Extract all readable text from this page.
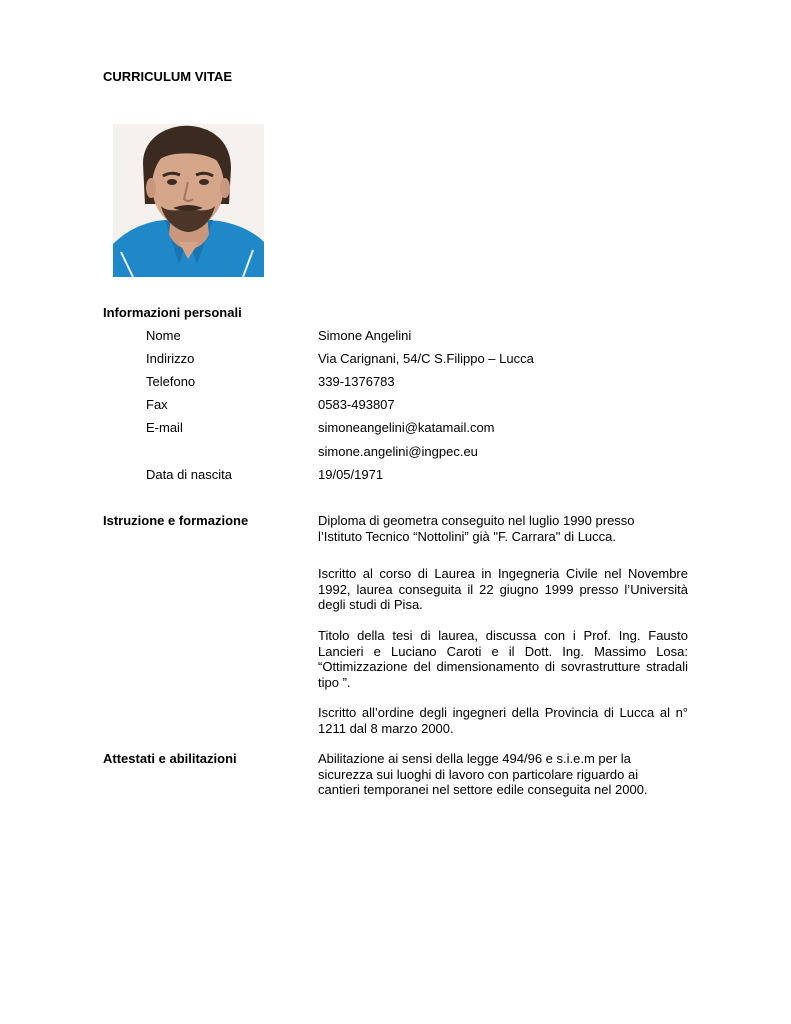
CURRICULUM VITAE
Informazioni personali
Nome	Simone Angelini
Indirizzo	Via Carignani, 54/C S.Filippo – Lucca
Telefono	339-1376783
Fax	0583-493807
E-mail	simoneangelini@katamail.com
simone.angelini@ingpec.eu
Data di nascita	19/05/1971
Istruzione e formazione	Diploma di geometra conseguito nel luglio 1990 presso l’Istituto Tecnico “Nottolini” già "F. Carrara" di Lucca.
Iscritto al corso di Laurea in Ingegneria Civile nel Novembre 1992, laurea conseguita il 22 giugno 1999 presso l’Università degli studi di Pisa.
Titolo della tesi di laurea, discussa con i Prof. Ing. Fausto Lancieri e Luciano Caroti e il Dott. Ing. Massimo Losa: “Ottimizzazione del dimensionamento di sovrastrutture stradali tipo ”.
Iscritto all’ordine degli ingegneri della Provincia di Lucca al n° 1211 dal 8 marzo 2000.
Attestati e abilitazioni	Abilitazione ai sensi della legge 494/96 e s.i.e.m per la sicurezza sui luoghi di lavoro con particolare riguardo ai cantieri temporanei nel settore edile conseguita nel 2000.
